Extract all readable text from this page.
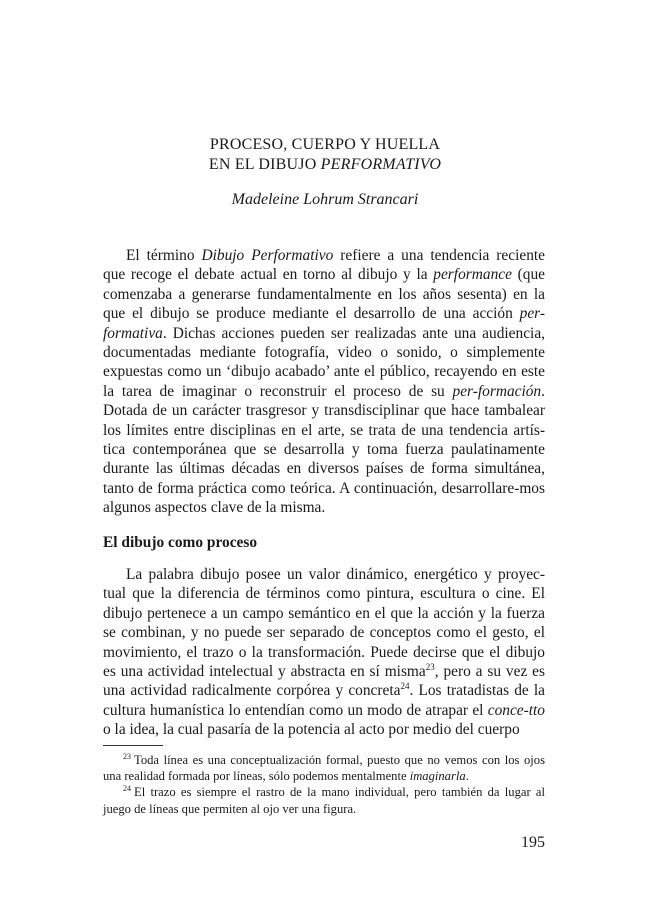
PROCESO, CUERPO Y HUELLA
EN EL DIBUJO PERFORMATIVO
Madeleine Lohrum Strancari

El término Dibujo Performativo refiere a una tendencia reciente que recoge el debate actual en torno al dibujo y la performance (que comenzaba a generarse fundamentalmente en los años sesenta) en la que el dibujo se produce mediante el desarrollo de una acción per-formativa. Dichas acciones pueden ser realizadas ante una audiencia, documentadas mediante fotografía, video o sonido, o simplemente expuestas como un ‘dibujo acabado’ ante el público, recayendo en este la tarea de imaginar o reconstruir el proceso de su per-formación. Dotada de un carácter trasgresor y transdisciplinar que hace tambalear los límites entre disciplinas en el arte, se trata de una tendencia artís-tica contemporánea que se desarrolla y toma fuerza paulatinamente durante las últimas décadas en diversos países de forma simultánea, tanto de forma práctica como teórica. A continuación, desarrollare-mos algunos aspectos clave de la misma.

El dibujo como proceso

La palabra dibujo posee un valor dinámico, energético y proyec-tual que la diferencia de términos como pintura, escultura o cine. El dibujo pertenece a un campo semántico en el que la acción y la fuerza se combinan, y no puede ser separado de conceptos como el gesto, el movimiento, el trazo o la transformación. Puede decirse que el dibujo es una actividad intelectual y abstracta en sí misma$^{23}$, pero a su vez es una actividad radicalmente corpórea y concreta$^{24}$. Los tratadistas de la cultura humanística lo entendían como un modo de atrapar el conce-tto o la idea, la cual pasaría de la potencia al acto por medio del cuerpo

$^{23}$ Toda línea es una conceptualización formal, puesto que no vemos con los ojos una realidad formada por líneas, sólo podemos mentalmente imaginarla.

$^{24}$ El trazo es siempre el rastro de la mano individual, pero también da lugar al juego de líneas que permiten al ojo ver una figura.

195
